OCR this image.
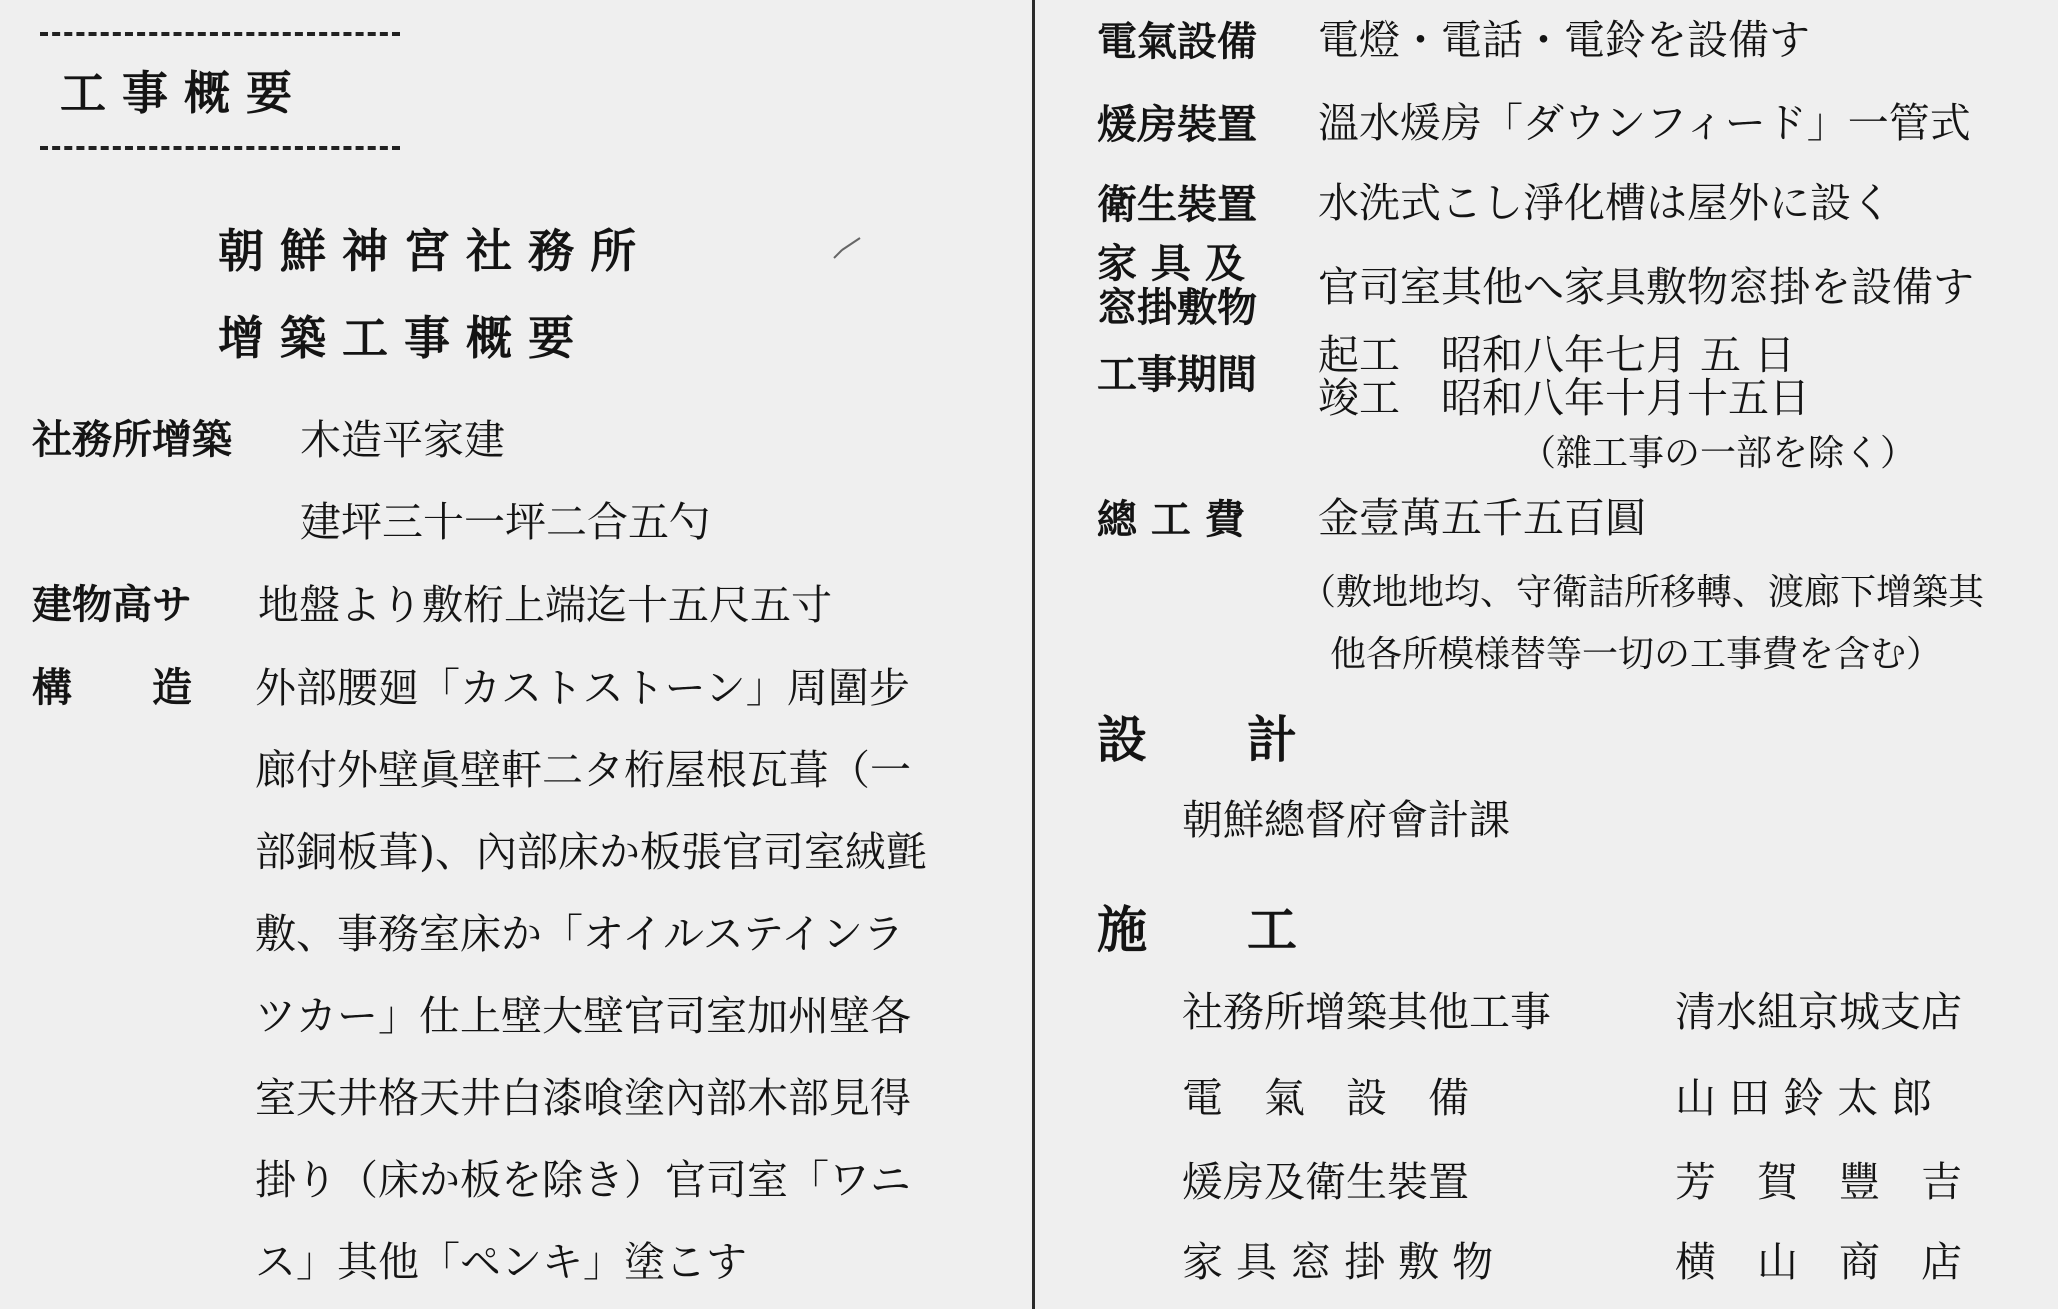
工 事 概 要
朝 鮮 神 宮 社 務 所
增 築 工 事 概 要
社務所增築 木造平家建
建坪三十一坪二合五勺
建物高サ 地盤より敷桁上端迄十五尺五寸
構　　造 外部腰廻「カストストーン」周圍步
廊付外壁眞壁軒二タ桁屋根瓦葺（一
部銅板葺)、內部床か板張官司室絨氈
敷、事務室床か「オイルステインラ
ツカー」仕上壁大壁官司室加州壁各
室天井格天井白漆喰塗內部木部見得
掛り（床か板を除き）官司室「ワニ
ス」其他「ペンキ」塗こす
電氣設備 電燈・電話・電鈴を設備す
煖房裝置 溫水煖房「ダウンフィード」一管式
衛生裝置 水洗式こし淨化槽は屋外に設く
家 具 及
窓掛敷物 官司室其他へ家具敷物窓掛を設備す
工事期間 起工　昭和八年七月 五 日
竣工　昭和八年十月十五日
（雜工事の一部を除く）
總 工 費 金壹萬五千五百圓
（敷地地均、守衛詰所移轉、渡廊下增築其
他各所模様替等一切の工事費を含む）
設　　計
朝鮮總督府會計課
施　　工
社務所增築其他工事	清水組京城支店
電　氣　設　備	山 田 鈴 太 郎
煖房及衛生裝置	芳　賀　豐　吉
家 具 窓 掛 敷 物	横　山　商　店
